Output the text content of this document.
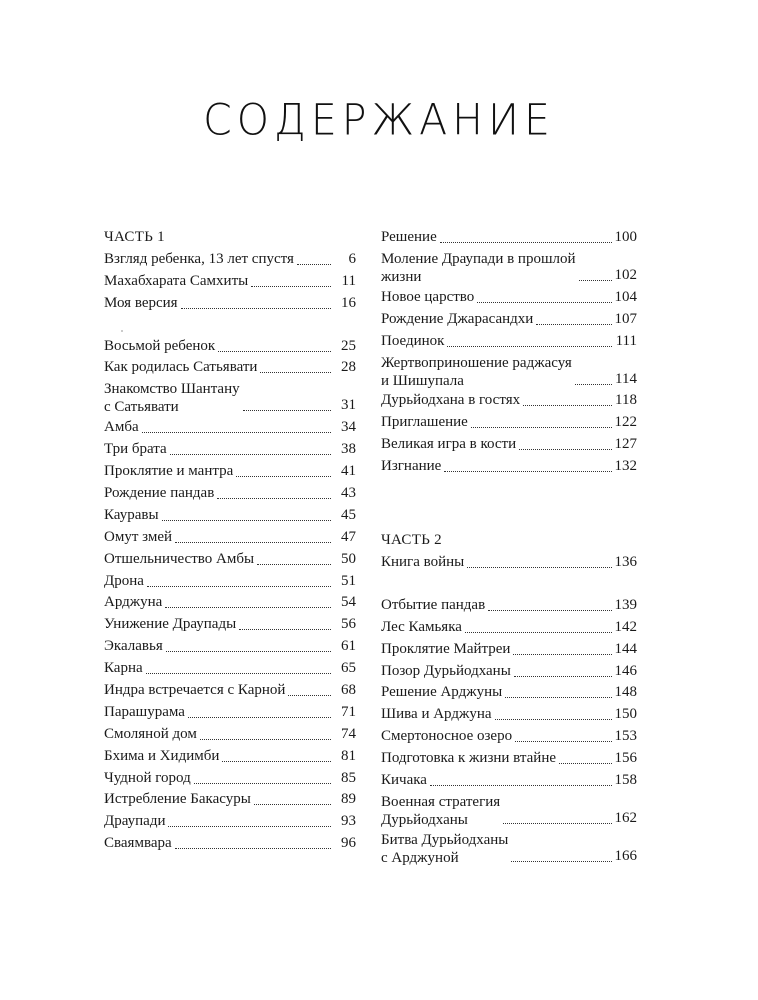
СОДЕРЖАНИЕ
ЧАСТЬ 1
Взгляд ребенка, 13 лет спустя	6
Махабхарата Самхиты	11
Моя версия	16
Восьмой ребенок	25
Как родилась Сатьявати	28
Знакомство Шантану
с Сатьявати	31
Амба	34
Три брата	38
Проклятие и мантра	41
Рождение пандав	43
Кауравы	45
Омут змей	47
Отшельничество Амбы	50
Дрона	51
Арджуна	54
Унижение Драупады	56
Экалавья	61
Карна	65
Индра встречается с Карной	68
Парашурама	71
Смоляной дом	74
Бхима и Хидимби	81
Чудной город	85
Истребление Бакасуры	89
Драупади	93
Сваямвара	96
Решение	100
Моление Драупади в прошлой
жизни	102
Новое царство	104
Рождение Джарасандхи	107
Поединок	111
Жертвоприношение раджасуя
и Шишупала	114
Дурьйодхана в гостях	118
Приглашение	122
Великая игра в кости	127
Изгнание	132
ЧАСТЬ 2
Книга войны	136
Отбытие пандав	139
Лес Камьяка	142
Проклятие Майтреи	144
Позор Дурьйодханы	146
Решение Арджуны	148
Шива и Арджуна	150
Смертоносное озеро	153
Подготовка к жизни втайне	156
Кичака	158
Военная стратегия
Дурьйодханы	162
Битва Дурьйодханы
с Арджуной	166
